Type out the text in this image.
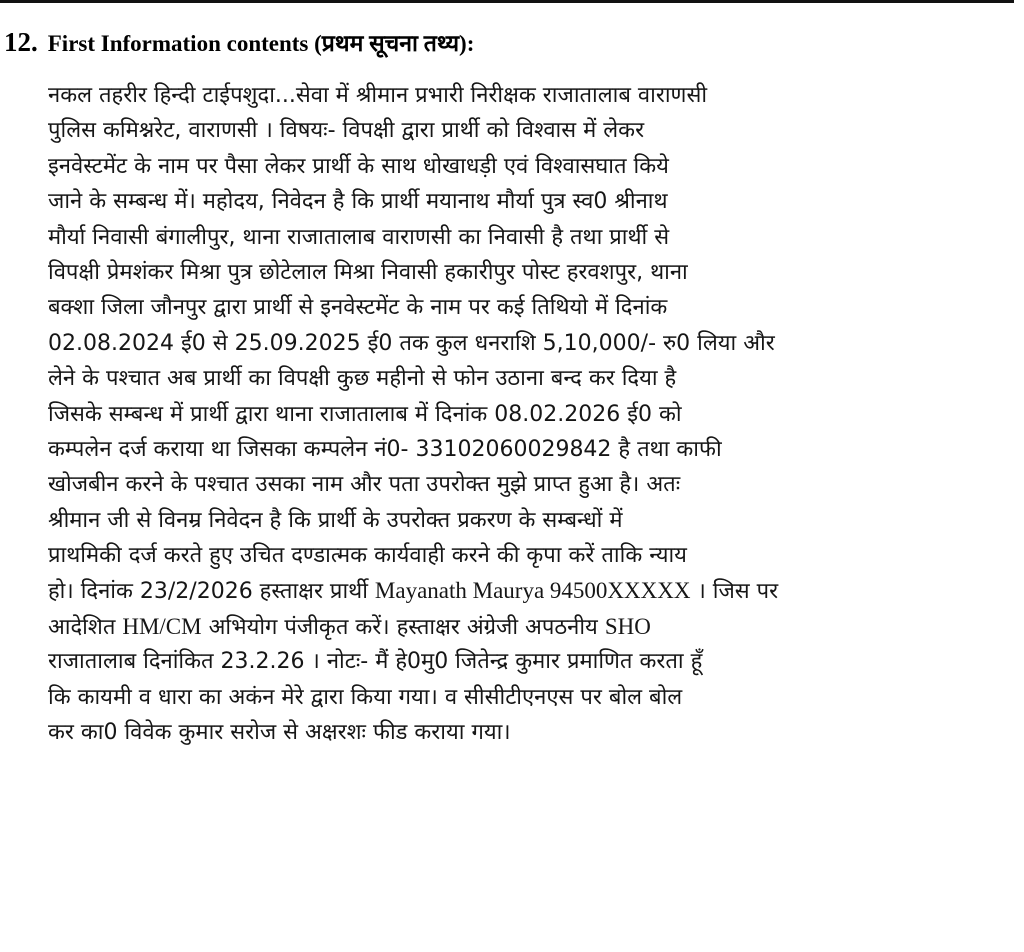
12. First Information contents (प्रथम सूचना तथ्य):
नकल तहरीर हिन्दी टाईपशुदा...सेवा में श्रीमान प्रभारी निरीक्षक राजातालाब वाराणसी
पुलिस कमिश्नरेट, वाराणसी । विषयः- विपक्षी द्वारा प्रार्थी को विश्वास में लेकर
इनवेस्टमेंट के नाम पर पैसा लेकर प्रार्थी के साथ धोखाधड़ी एवं विश्वासघात किये
जाने के सम्बन्ध में। महोदय, निवेदन है कि प्रार्थी मयानाथ मौर्या पुत्र स्व0 श्रीनाथ
मौर्या निवासी बंगालीपुर, थाना राजातालाब वाराणसी का निवासी है तथा प्रार्थी से
विपक्षी प्रेमशंकर मिश्रा पुत्र छोटेलाल मिश्रा निवासी हकारीपुर पोस्ट हरवशपुर, थाना
बक्शा जिला जौनपुर द्वारा प्रार्थी से इनवेस्टमेंट के नाम पर कई तिथियो में दिनांक
02.08.2024 ई0 से 25.09.2025 ई0 तक कुल धनराशि 5,10,000/- रु0 लिया और
लेने के पश्चात अब प्रार्थी का विपक्षी कुछ महीनो से फोन उठाना बन्द कर दिया है
जिसके सम्बन्ध में प्रार्थी द्वारा थाना राजातालाब में दिनांक 08.02.2026 ई0 को
कम्पलेन दर्ज कराया था जिसका कम्पलेन नं0- 33102060029842 है तथा काफी
खोजबीन करने के पश्चात उसका नाम और पता उपरोक्त मुझे प्राप्त हुआ है। अतः
श्रीमान जी से विनम्र निवेदन है कि प्रार्थी के उपरोक्त प्रकरण के सम्बन्धों में
प्राथमिकी दर्ज करते हुए उचित दण्डात्मक कार्यवाही करने की कृपा करें ताकि न्याय
हो। दिनांक 23/2/2026 हस्ताक्षर प्रार्थी Mayanath Maurya 94500XXXXX । जिस पर
आदेशित HM/CM अभियोग पंजीकृत करें। हस्ताक्षर अंग्रेजी अपठनीय SHO
राजातालाब दिनांकित 23.2.26 । नोटः- मैं हे0मु0 जितेन्द्र कुमार प्रमाणित करता हूँ
कि कायमी व धारा का अकंन मेरे द्वारा किया गया। व सीसीटीएनएस पर बोल बोल
कर का0 विवेक कुमार सरोज से अक्षरशः फीड कराया गया।
